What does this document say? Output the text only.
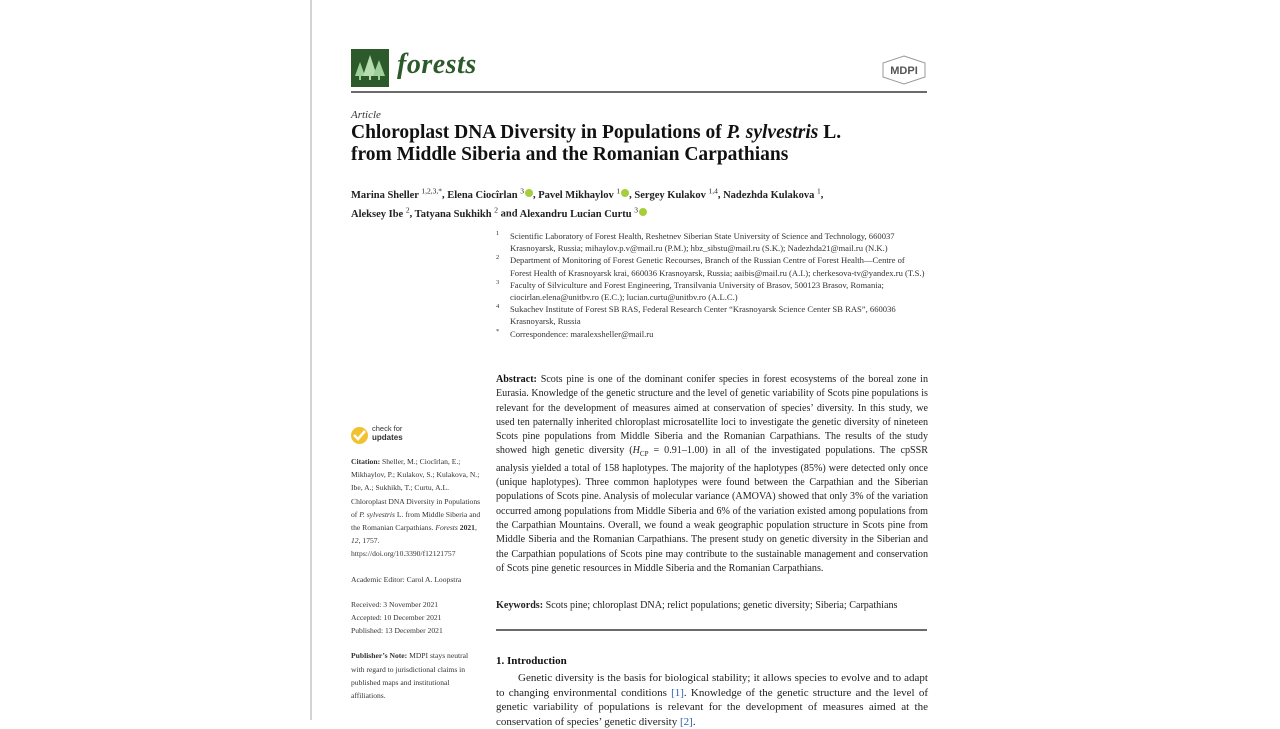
forests	MDPI
Article
Chloroplast DNA Diversity in Populations of P. sylvestris L.
from Middle Siberia and the Romanian Carpathians
Marina Sheller $^{1,2,3,*}$, Elena Ciocîrlan $^3$ , Pavel Mikhaylov $^1$ , Sergey Kulakov $^{1,4}$, Nadezhda Kulakova $^1$,
Aleksey Ibe $^2$, Tatyana Sukhikh $^2$ and Alexandru Lucian Curtu $^3$
1 Scientific Laboratory of Forest Health, Reshetnev Siberian State University of Science and Technology, 660037 Krasnoyarsk, Russia; mihaylov.p.v@mail.ru (P.M.); hbz_sibstu@mail.ru (S.K.); Nadezhda21@mail.ru (N.K.)
2 Department of Monitoring of Forest Genetic Recourses, Branch of the Russian Centre of Forest Health—Centre of Forest Health of Krasnoyarsk krai, 660036 Krasnoyarsk, Russia; aaibis@mail.ru (A.I.); cherkesova-tv@yandex.ru (T.S.)
3 Faculty of Silviculture and Forest Engineering, Transilvania University of Brasov, 500123 Brasov, Romania; ciocirlan.elena@unitbv.ro (E.C.); lucian.curtu@unitbv.ro (A.L.C.)
4 Sukachev Institute of Forest SB RAS, Federal Research Center “Krasnoyarsk Science Center SB RAS”, 660036 Krasnoyarsk, Russia
* Correspondence: maralexsheller@mail.ru
Abstract: Scots pine is one of the dominant conifer species in forest ecosystems of the boreal zone in Eurasia. Knowledge of the genetic structure and the level of genetic variability of Scots pine populations is relevant for the development of measures aimed at conservation of species’ diversity. In this study, we used ten paternally inherited chloroplast microsatellite loci to investigate the genetic diversity of nineteen Scots pine populations from Middle Siberia and the Romanian Carpathians. The results of the study showed high genetic diversity $(H_{CP} = 0.91-1.00)$ in all of the investigated populations. The cpSSR analysis yielded a total of 158 haplotypes. The majority of the haplotypes (85%) were detected only once (unique haplotypes). Three common haplotypes were found between the Carpathian and the Siberian populations of Scots pine. Analysis of molecular variance (AMOVA) showed that only 3% of the variation occurred among populations from Middle Siberia and 6% of the variation existed among populations from the Carpathian Mountains. Overall, we found a weak geographic population structure in Scots pine from Middle Siberia and the Romanian Carpathians. The present study on genetic diversity in the Siberian and the Carpathian populations of Scots pine may contribute to the sustainable management and conservation of Scots pine genetic resources in Middle Siberia and the Romanian Carpathians.
Keywords: Scots pine; chloroplast DNA; relict populations; genetic diversity; Siberia; Carpathians
1. Introduction
Genetic diversity is the basis for biological stability; it allows species to evolve and to adapt to changing environmental conditions [1]. Knowledge of the genetic structure and the level of genetic variability of populations is relevant for the development of measures aimed at the conservation of species’ genetic diversity [2].
check for
updates
Citation: Sheller, M.; Ciocîrlan, E.; Mikhaylov, P.; Kulakov, S.; Kulakova, N.; Ibe, A.; Sukhikh, T.; Curtu, A.L. Chloroplast DNA Diversity in Populations of P. sylvestris L. from Middle Siberia and the Romanian Carpathians. Forests 2021, 12, 1757. https://doi.org/10.3390/f12121757
Academic Editor: Carol A. Loopstra
Received: 3 November 2021
Accepted: 10 December 2021
Published: 13 December 2021
Publisher’s Note: MDPI stays neutral with regard to jurisdictional claims in published maps and institutional affiliations.
